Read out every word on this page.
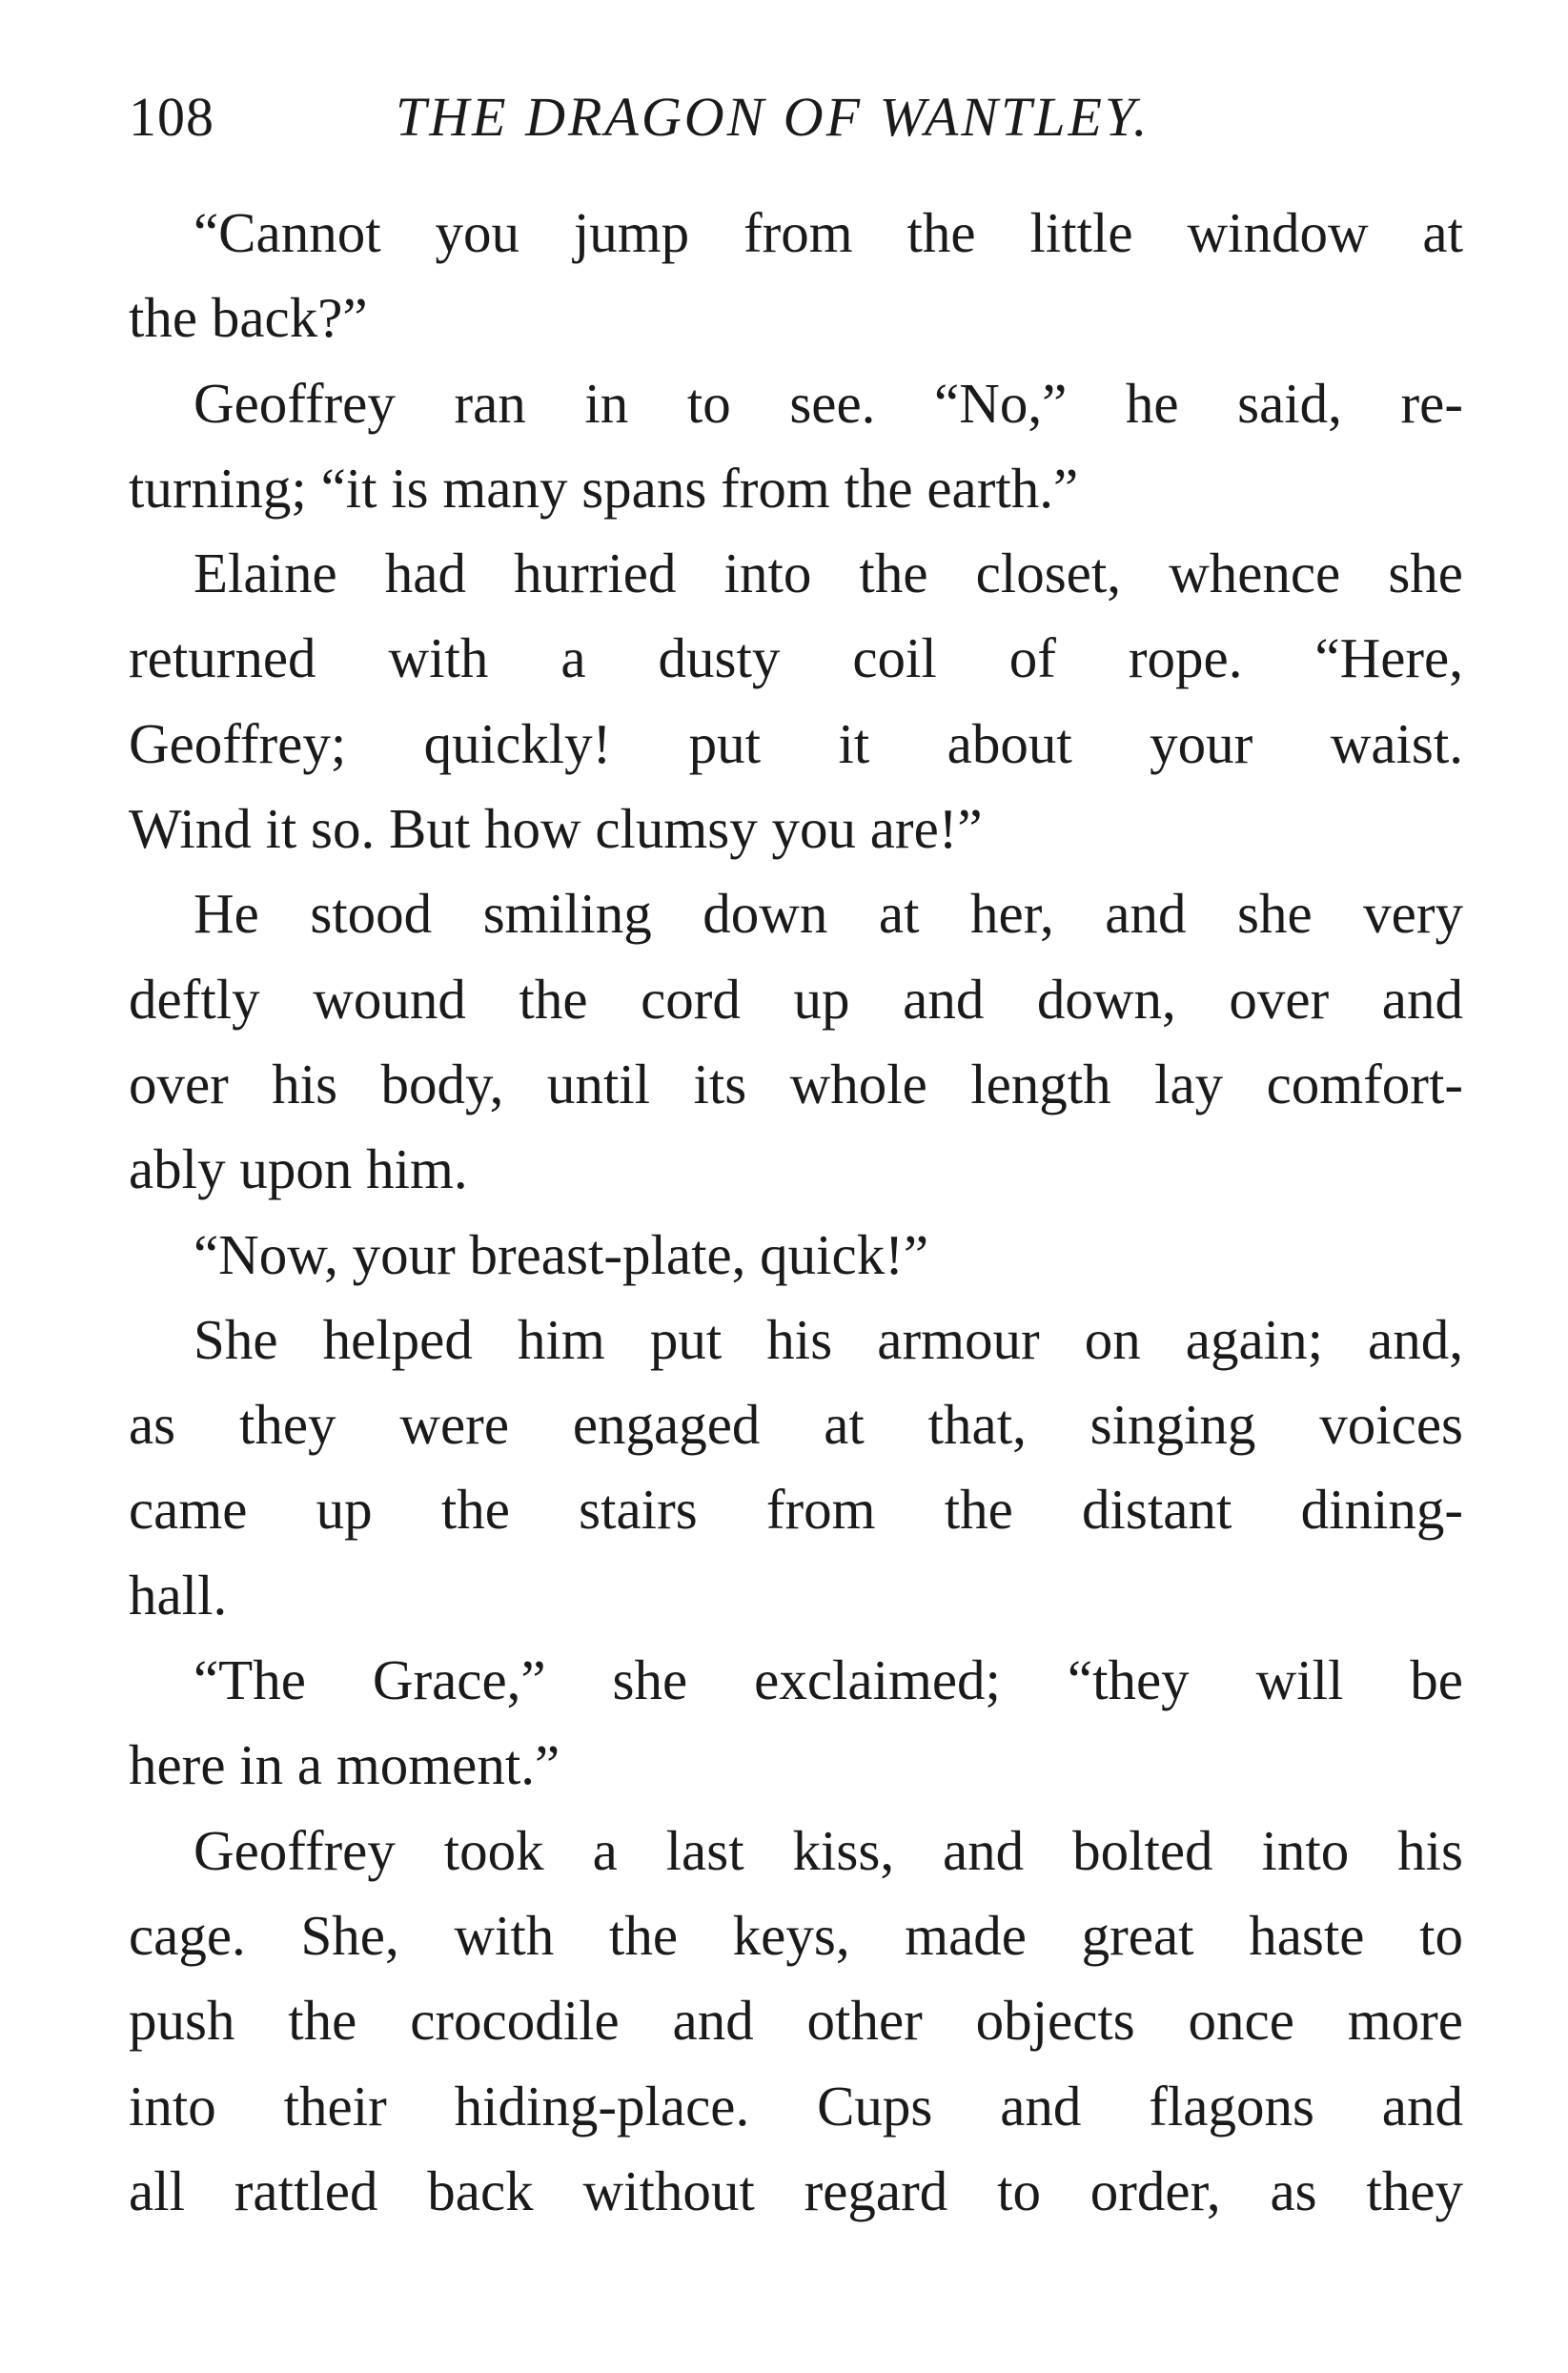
108	THE DRAGON OF WANTLEY.
“Cannot you jump from the little window at
the back?”
Geoffrey ran in to see. “No,” he said, re-
turning; “it is many spans from the earth.”
Elaine had hurried into the closet, whence she
returned with a dusty coil of rope. “Here,
Geoffrey; quickly! put it about your waist.
Wind it so. But how clumsy you are!”
He stood smiling down at her, and she very
deftly wound the cord up and down, over and
over his body, until its whole length lay comfort-
ably upon him.
“Now, your breast-plate, quick!”
She helped him put his armour on again; and,
as they were engaged at that, singing voices
came up the stairs from the distant dining-
hall.
“The Grace,” she exclaimed; “they will be
here in a moment.”
Geoffrey took a last kiss, and bolted into his
cage. She, with the keys, made great haste to
push the crocodile and other objects once more
into their hiding-place. Cups and flagons and
all rattled back without regard to order, as they
